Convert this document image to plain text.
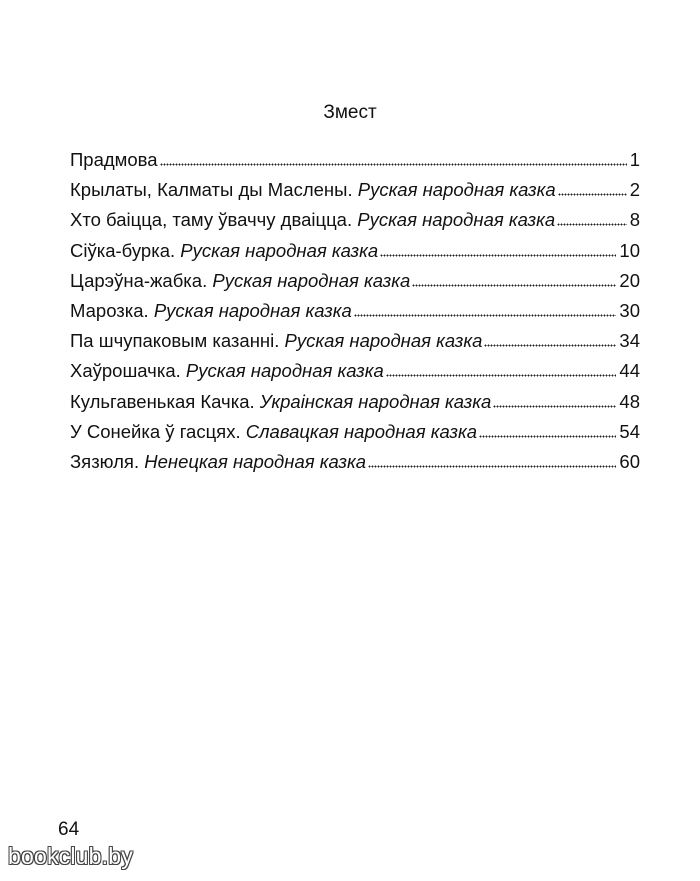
Змест
Прадмова	1
Крылаты, Калматы ды Маслены. Руская народная казка	2
Хто баіцца, таму ўваччу дваіцца. Руская народная казка	8
Сіўка-бурка. Руская народная казка	10
Царэўна-жабка. Руская народная казка	20
Марозка. Руская народная казка	30
Па шчупаковым казанні. Руская народная казка	34
Хаўрошачка. Руская народная казка	44
Кульгавенькая Качка. Украінская народная казка	48
У Сонейка ў гасцях. Славацкая народная казка	54
Зязюля. Ненецкая народная казка	60
64
bookclub.by
